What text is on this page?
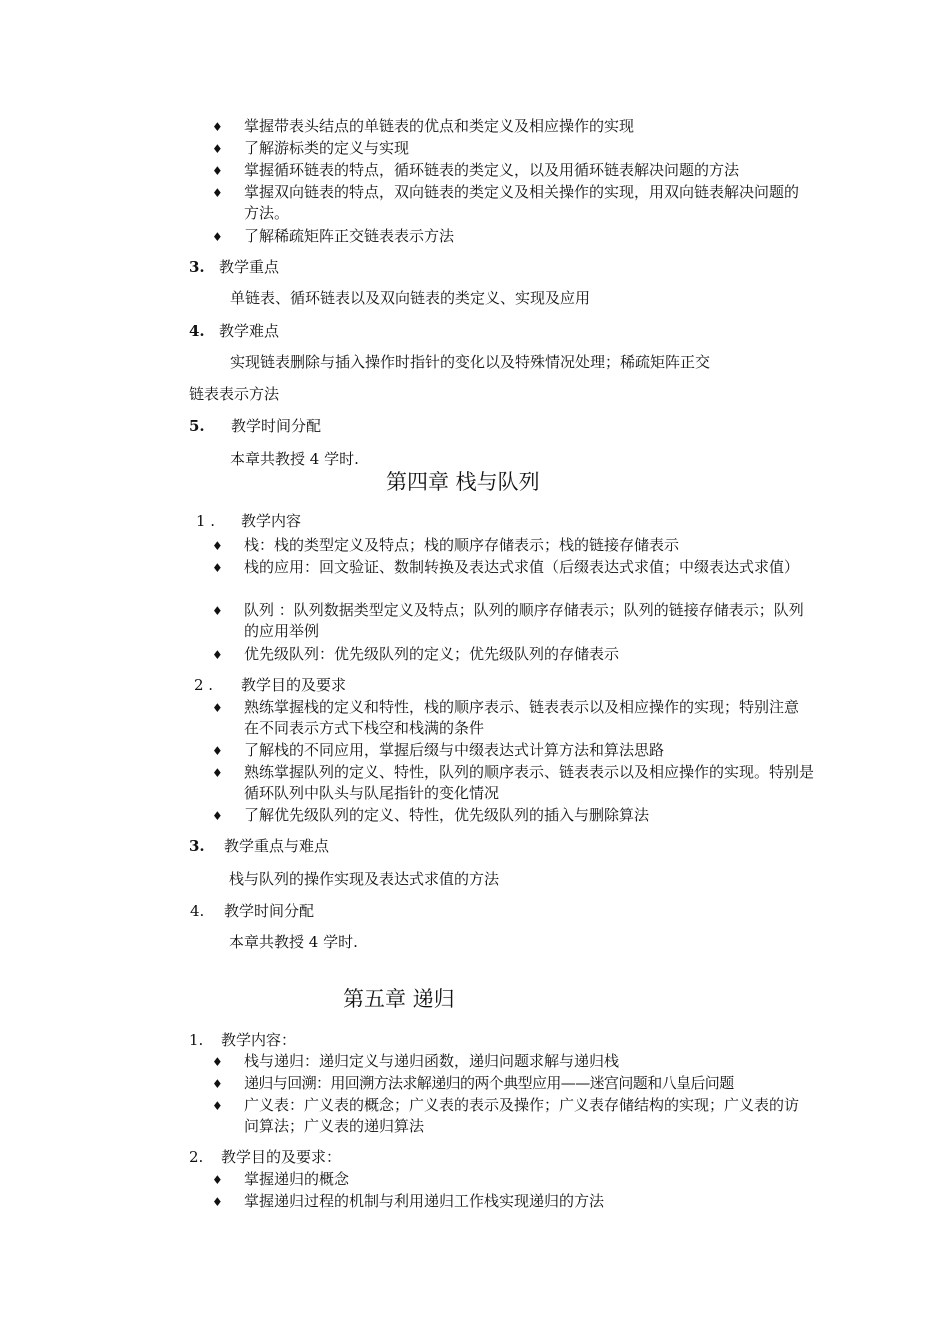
♦	掌握带表头结点的单链表的优点和类定义及相应操作的实现
♦	了解游标类的定义与实现
♦	掌握循环链表的特点，循环链表的类定义，以及用循环链表解决问题的方法
♦	掌握双向链表的特点，双向链表的类定义及相关操作的实现，用双向链表解决问题的方法。
♦	了解稀疏矩阵正交链表表示方法
3. 教学重点
单链表、循环链表以及双向链表的类定义、实现及应用
4. 教学难点
实现链表删除与插入操作时指针的变化以及特殊情况处理；稀疏矩阵正交
链表表示方法
5. 教学时间分配
本章共教授 4 学时.
第四章 栈与队列
1 . 教学内容
♦	栈：栈的类型定义及特点；栈的顺序存储表示；栈的链接存储表示
♦	栈的应用：回文验证、数制转换及表达式求值（后缀表达式求值；中缀表达式求值）
♦	队列 ：队列数据类型定义及特点；队列的顺序存储表示；队列的链接存储表示；队列的应用举例
♦	优先级队列：优先级队列的定义；优先级队列的存储表示
2 . 教学目的及要求
♦	熟练掌握栈的定义和特性，栈的顺序表示、链表表示以及相应操作的实现；特别注意在不同表示方式下栈空和栈满的条件
♦	了解栈的不同应用，掌握后缀与中缀表达式计算方法和算法思路
♦	熟练掌握队列的定义、特性，队列的顺序表示、链表表示以及相应操作的实现。特别是循环队列中队头与队尾指针的变化情况
♦	了解优先级队列的定义、特性，优先级队列的插入与删除算法
3. 教学重点与难点
栈与队列的操作实现及表达式求值的方法
4. 教学时间分配
本章共教授 4 学时.
第五章 递归
1. 教学内容：
♦	栈与递归：递归定义与递归函数，递归问题求解与递归栈
♦	递归与回溯：用回溯方法求解递归的两个典型应用——迷宫问题和八皇后问题
♦	广义表：广义表的概念；广义表的表示及操作；广义表存储结构的实现；广义表的访问算法；广义表的递归算法
2. 教学目的及要求：
♦	掌握递归的概念
♦	掌握递归过程的机制与利用递归工作栈实现递归的方法
